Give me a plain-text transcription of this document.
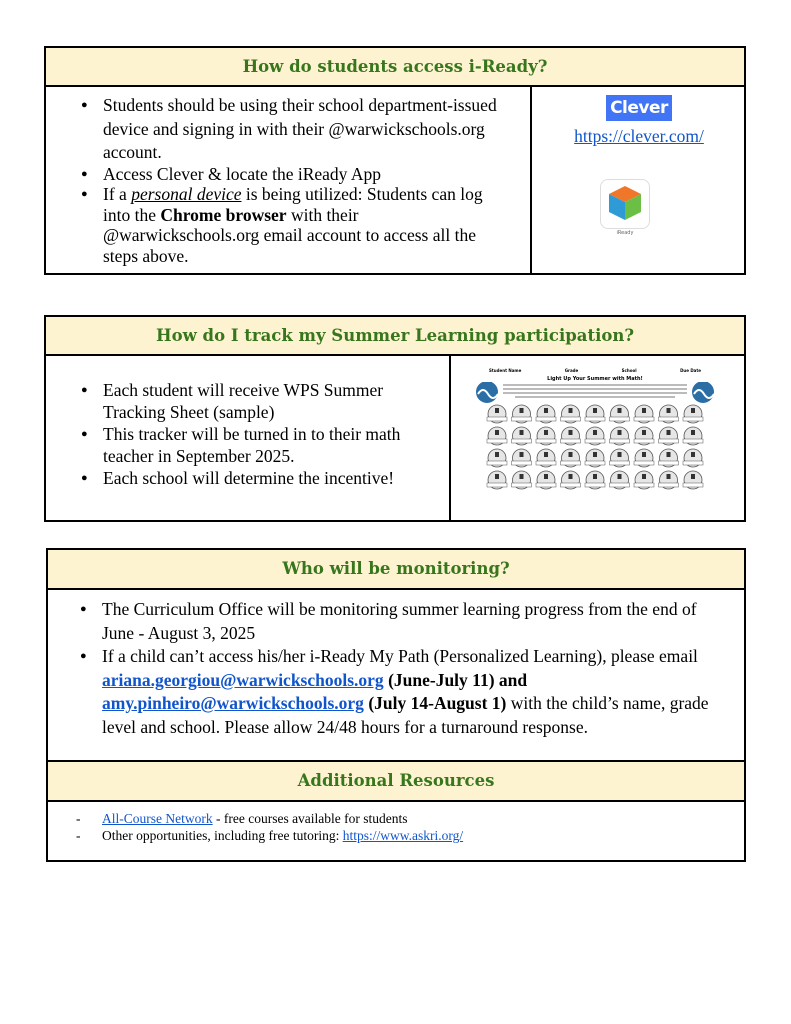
How do students access i-Ready?
● Students should be using their school department-issued device and signing in with their @warwickschools.org account.
● Access Clever & locate the iReady App
● If a personal device is being utilized: Students can log into the Chrome browser with their @warwickschools.org email account to access all the steps above.
Clever
https://clever.com/
iReady
How do I track my Summer Learning participation?
● Each student will receive WPS Summer Tracking Sheet (sample)
● This tracker will be turned in to their math teacher in September 2025.
● Each school will determine the incentive!
Student Name	Grade	School	Due Date
Light Up Your Summer with Math!
Who will be monitoring?
● The Curriculum Office will be monitoring summer learning progress from the end of June - August 3, 2025
● If a child can’t access his/her i-Ready My Path (Personalized Learning), please email ariana.georgiou@warwickschools.org (June-July 11) and amy.pinheiro@warwickschools.org (July 14-August 1) with the child’s name, grade level and school. Please allow 24/48 hours for a turnaround response.
Additional Resources
- All-Course Network - free courses available for students
- Other opportunities, including free tutoring: https://www.askri.org/
